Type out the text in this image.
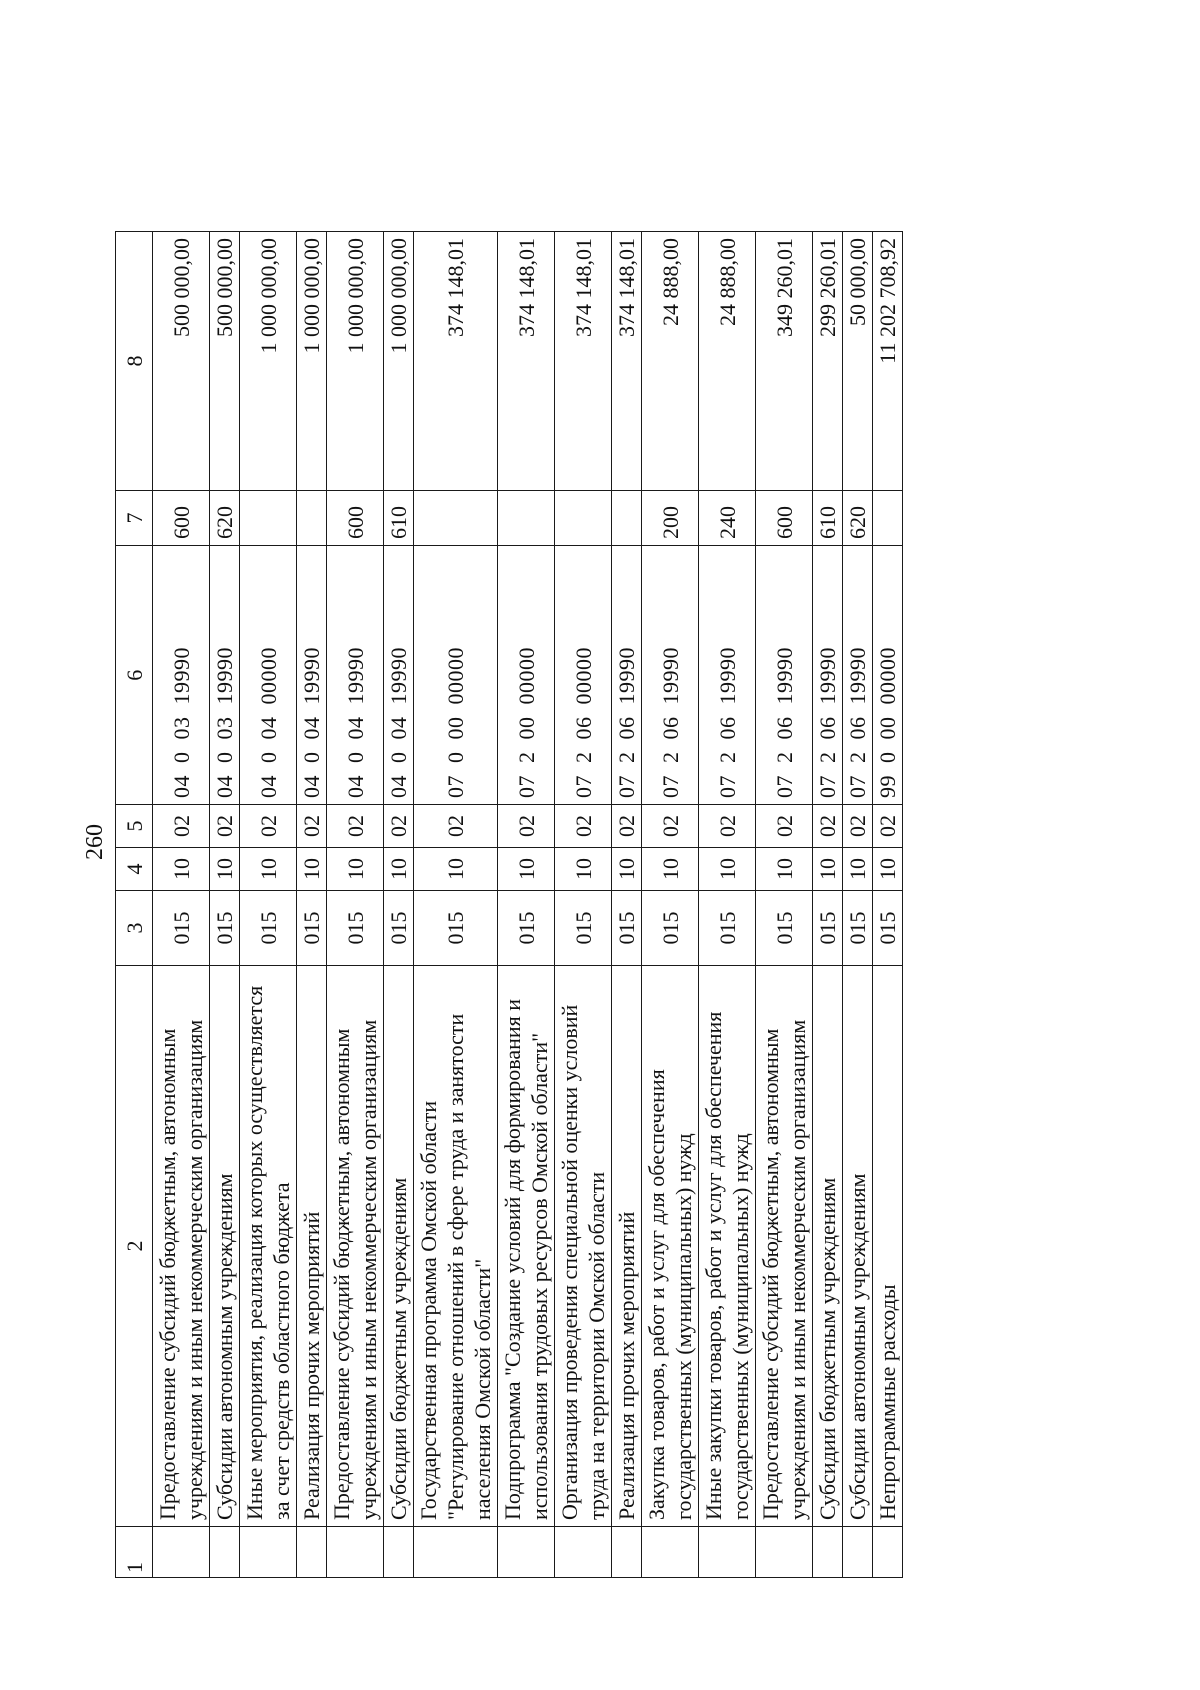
260
1	2	3	4	5	6	7	8
	Предоставление субсидий бюджетным, автономным учреждениям и иным некоммерческим организациям	015	10	02	04  0  03  19990	600	500 000,00
	Субсидии автономным учреждениям	015	10	02	04  0  03  19990	620	500 000,00
	Иные мероприятия, реализация которых осуществляется за счет средств областного бюджета	015	10	02	04  0  04  00000		1 000 000,00
	Реализация прочих мероприятий	015	10	02	04  0  04  19990		1 000 000,00
	Предоставление субсидий бюджетным, автономным учреждениям и иным некоммерческим организациям	015	10	02	04  0  04  19990	600	1 000 000,00
	Субсидии бюджетным учреждениям	015	10	02	04  0  04  19990	610	1 000 000,00
	Государственная программа Омской области "Регулирование отношений в сфере труда и занятости населения Омской области"	015	10	02	07  0  00  00000		374 148,01
	Подпрограмма "Создание условий для формирования и использования трудовых ресурсов Омской области"	015	10	02	07  2  00  00000		374 148,01
	Организация проведения специальной оценки условий труда на территории Омской области	015	10	02	07  2  06  00000		374 148,01
	Реализация прочих мероприятий	015	10	02	07  2  06  19990		374 148,01
	Закупка товаров, работ и услуг для обеспечения государственных (муниципальных) нужд	015	10	02	07  2  06  19990	200	24 888,00
	Иные закупки товаров, работ и услуг для обеспечения государственных (муниципальных) нужд	015	10	02	07  2  06  19990	240	24 888,00
	Предоставление субсидий бюджетным, автономным учреждениям и иным некоммерческим организациям	015	10	02	07  2  06  19990	600	349 260,01
	Субсидии бюджетным учреждениям	015	10	02	07  2  06  19990	610	299 260,01
	Субсидии автономным учреждениям	015	10	02	07  2  06  19990	620	50 000,00
	Непрограммные расходы	015	10	02	99  0  00  00000		11 202 708,92
